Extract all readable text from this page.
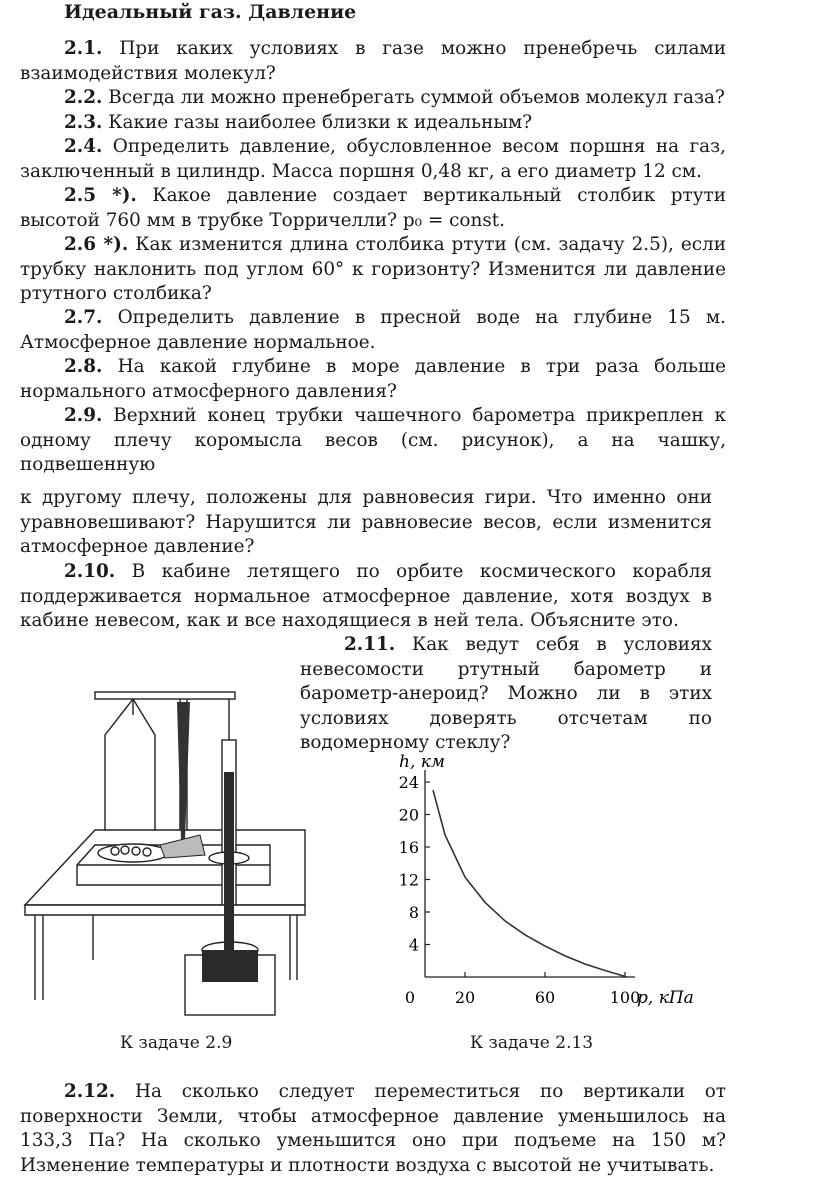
Идеальный газ. Давление
2.1. При каких условиях в газе можно пренебречь силами взаимодействия молекул?
2.2. Всегда ли можно пренебрегать суммой объемов молекул газа?
2.3. Какие газы наиболее близки к идеальным?
2.4. Определить давление, обусловленное весом поршня на газ, заключенный в цилиндр. Масса поршня 0,48 кг, а его диаметр 12 см.
2.5 *). Какое давление создает вертикальный столбик ртути высотой 760 мм в трубке Торричелли? p₀ = const.
2.6 *). Как изменится длина столбика ртути (см. задачу 2.5), если трубку наклонить под углом 60° к горизонту? Изменится ли давление ртутного столбика?
2.7. Определить давление в пресной воде на глубине 15 м. Атмосферное давление нормальное.
2.8. На какой глубине в море давление в три раза больше нормального атмосферного давления?
2.9. Верхний конец трубки чашечного барометра прикреплен к одному плечу коромысла весов (см. рисунок), а на чашку, подвешенную
к другому плечу, положены для равновесия гири. Что именно они уравновешивают? Нарушится ли равновесие весов, если изменится атмосферное давление?
2.10. В кабине летящего по орбите космического корабля поддерживается нормальное атмосферное давление, хотя воздух в кабине невесом, как и все находящиеся в ней тела. Объясните это.
2.11. Как ведут себя в условиях невесомости ртутный барометр и барометр-анероид? Можно ли в этих условиях доверять отсчетам по водомерному стеклу?
4
8
12
16
20
24
0 20	60	100
h, км
p, кПа
К задаче 2.9	К задаче 2.13
2.12. На сколько следует переместиться по вертикали от поверхности Земли, чтобы атмосферное давление уменьшилось на 133,3 Па? На сколько уменьшится оно при подъеме на 150 м? Изменение температуры и плотности воздуха с высотой не учитывать.
